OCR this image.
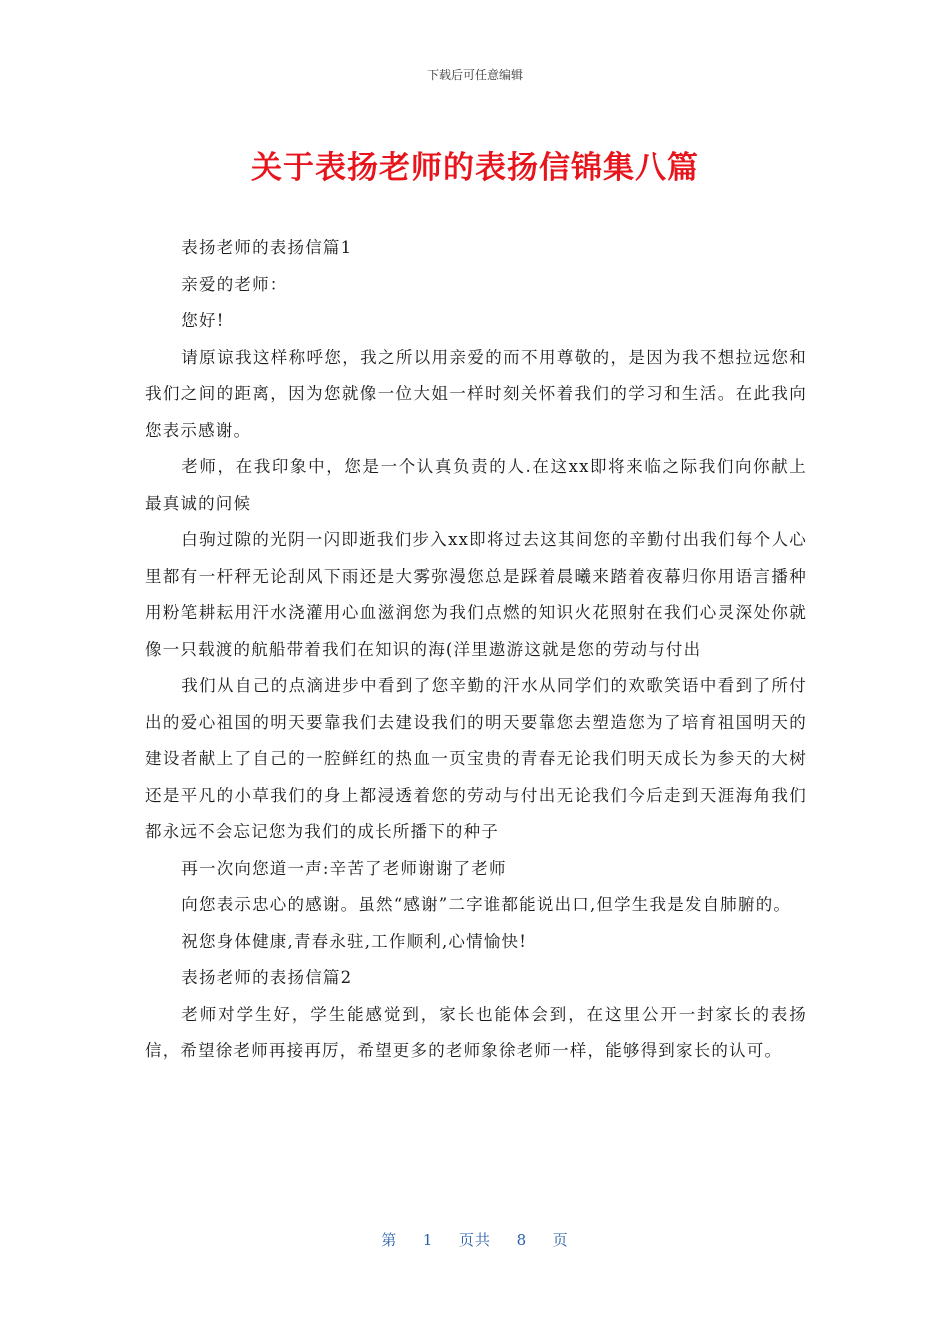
下载后可任意编辑
关于表扬老师的表扬信锦集八篇

表扬老师的表扬信篇1

亲爱的老师：

您好!

请原谅我这样称呼您，我之所以用亲爱的而不用尊敬的，是因为我不想拉远您和我们之间的距离，因为您就像一位大姐一样时刻关怀着我们的学习和生活。在此我向您表示感谢。

老师，在我印象中，您是一个认真负责的人.在这xx即将来临之际我们向你献上最真诚的问候

白驹过隙的光阴一闪即逝我们步入xx即将过去这其间您的辛勤付出我们每个人心里都有一杆秤无论刮风下雨还是大雾弥漫您总是踩着晨曦来踏着夜幕归你用语言播种用粉笔耕耘用汗水浇灌用心血滋润您为我们点燃的知识火花照射在我们心灵深处你就像一只载渡的航船带着我们在知识的海(洋里遨游这就是您的劳动与付出

我们从自己的点滴进步中看到了您辛勤的汗水从同学们的欢歌笑语中看到了所付出的爱心祖国的明天要靠我们去建设我们的明天要靠您去塑造您为了培育祖国明天的建设者献上了自己的一腔鲜红的热血一页宝贵的青春无论我们明天成长为参天的大树还是平凡的小草我们的身上都浸透着您的劳动与付出无论我们今后走到天涯海角我们都永远不会忘记您为我们的成长所播下的种子

再一次向您道一声:辛苦了老师谢谢了老师

向您表示忠心的感谢。虽然“感谢”二字谁都能说出口,但学生我是发自肺腑的。

祝您身体健康,青春永驻,工作顺利,心情愉快!

表扬老师的表扬信篇2

老师对学生好，学生能感觉到，家长也能体会到，在这里公开一封家长的表扬信，希望徐老师再接再厉，希望更多的老师象徐老师一样，能够得到家长的认可。

第 1 页共 8 页
